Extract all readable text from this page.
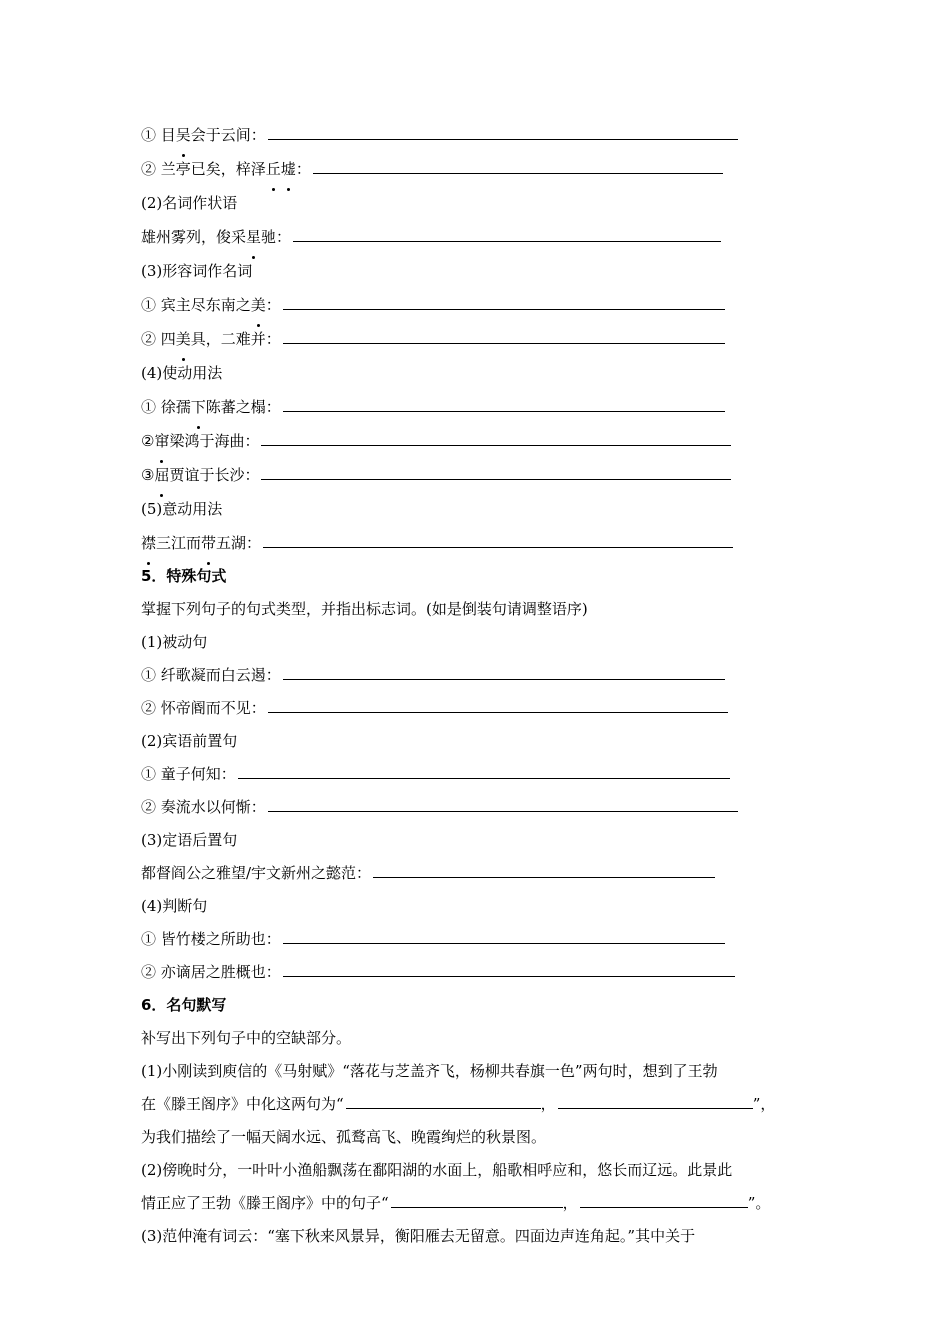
① 目 吴 会于云间：
② 兰亭已矣，梓泽 丘 墟 ：
(2)名词作状语
雄州雾列，俊采 星 驰：
(3)形容词作名词
① 宾主尽东南之 美 ：
② 四 美 具，二难并：
(4)使动用法
① 徐孺 下 陈蕃之榻：
② 窜 梁鸿于海曲：
③ 屈 贾谊于长沙：
(5)意动用法
襟 三江而 带 五湖：
5．特殊句式
掌握下列句子的句式类型，并指出标志词。(如是倒装句请调整语序)
(1)被动句
① 纤歌凝而白云遏：
② 怀帝阍而不见：
(2)宾语前置句
① 童子何知：
② 奏流水以何惭：
(3)定语后置句
都督阎公之雅望/宇文新州之懿范：
(4)判断句
① 皆竹楼之所助也：
② 亦谪居之胜概也：
6．名句默写
补写出下列句子中的空缺部分。
(1)小刚读到庾信的《马射赋》“落花与芝盖齐飞，杨柳共春旗一色”两句时，想到了王勃
在《滕王阁序》中化这两句为“	，	”，
为我们描绘了一幅天阔水远、孤鹜高飞、晚霞绚烂的秋景图。
(2)傍晚时分，一叶叶小渔船飘荡在鄱阳湖的水面上，船歌相呼应和，悠长而辽远。此景此
情正应了王勃《滕王阁序》中的句子“	，	”。
(3)范仲淹有词云：“塞下秋来风景异，衡阳雁去无留意。四面边声连角起。”其中关于
